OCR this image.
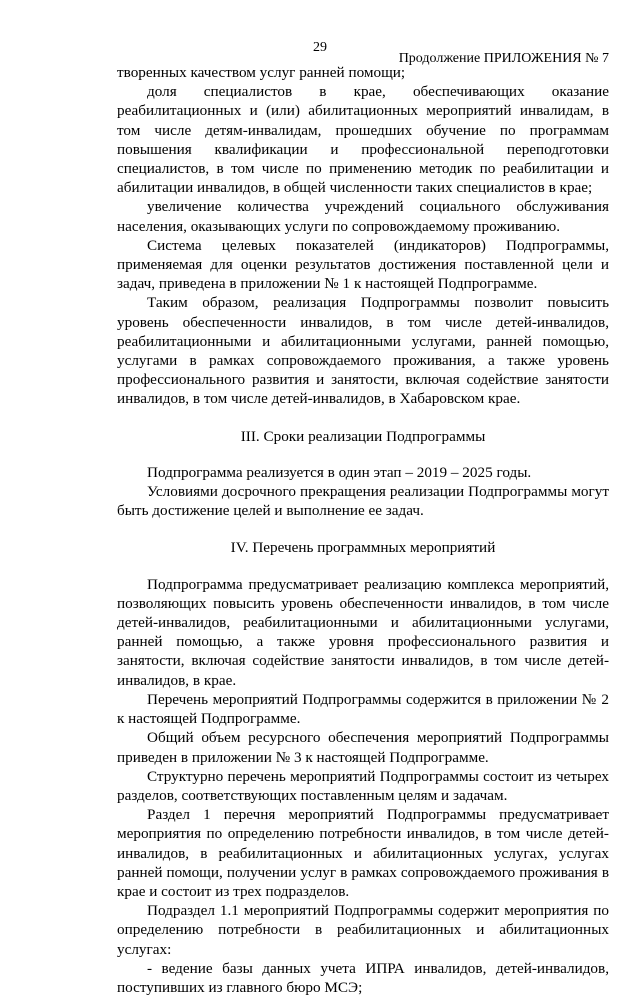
29
Продолжение ПРИЛОЖЕНИЯ № 7

творенных качеством услуг ранней помощи;

доля специалистов в крае, обеспечивающих оказание реабилитационных и (или) абилитационных мероприятий инвалидам, в том числе детям-инвалидам, прошедших обучение по программам повышения квалификации и профессиональной переподготовки специалистов, в том числе по применению методик по реабилитации и абилитации инвалидов, в общей численности таких специалистов в крае;

увеличение количества учреждений социального обслуживания населения, оказывающих услуги по сопровождаемому проживанию.

Система целевых показателей (индикаторов) Подпрограммы, применяемая для оценки результатов достижения поставленной цели и задач, приведена в приложении № 1 к настоящей Подпрограмме.

Таким образом, реализация Подпрограммы позволит повысить уровень обеспеченности инвалидов, в том числе детей-инвалидов, реабилитационными и абилитационными услугами, ранней помощью, услугами в рамках сопровождаемого проживания, а также уровень профессионального развития и занятости, включая содействие занятости инвалидов, в том числе детей-инвалидов, в Хабаровском крае.

III. Сроки реализации Подпрограммы

Подпрограмма реализуется в один этап – 2019 – 2025 годы.

Условиями досрочного прекращения реализации Подпрограммы могут быть достижение целей и выполнение ее задач.

IV. Перечень программных мероприятий

Подпрограмма предусматривает реализацию комплекса мероприятий, позволяющих повысить уровень обеспеченности инвалидов, в том числе детей-инвалидов, реабилитационными и абилитационными услугами, ранней помощью, а также уровня профессионального развития и занятости, включая содействие занятости инвалидов, в том числе детей-инвалидов, в крае.

Перечень мероприятий Подпрограммы содержится в приложении № 2 к настоящей Подпрограмме.

Общий объем ресурсного обеспечения мероприятий Подпрограммы приведен в приложении № 3 к настоящей Подпрограмме.

Структурно перечень мероприятий Подпрограммы состоит из четырех разделов, соответствующих поставленным целям и задачам.

Раздел 1 перечня мероприятий Подпрограммы предусматривает мероприятия по определению потребности инвалидов, в том числе детей-инвалидов, в реабилитационных и абилитационных услугах, услугах ранней помощи, получении услуг в рамках сопровождаемого проживания в крае и состоит из трех подразделов.

Подраздел 1.1 мероприятий Подпрограммы содержит мероприятия по определению потребности в реабилитационных и абилитационных услугах:

- ведение базы данных учета ИПРА инвалидов, детей-инвалидов, поступивших из главного бюро МСЭ;
